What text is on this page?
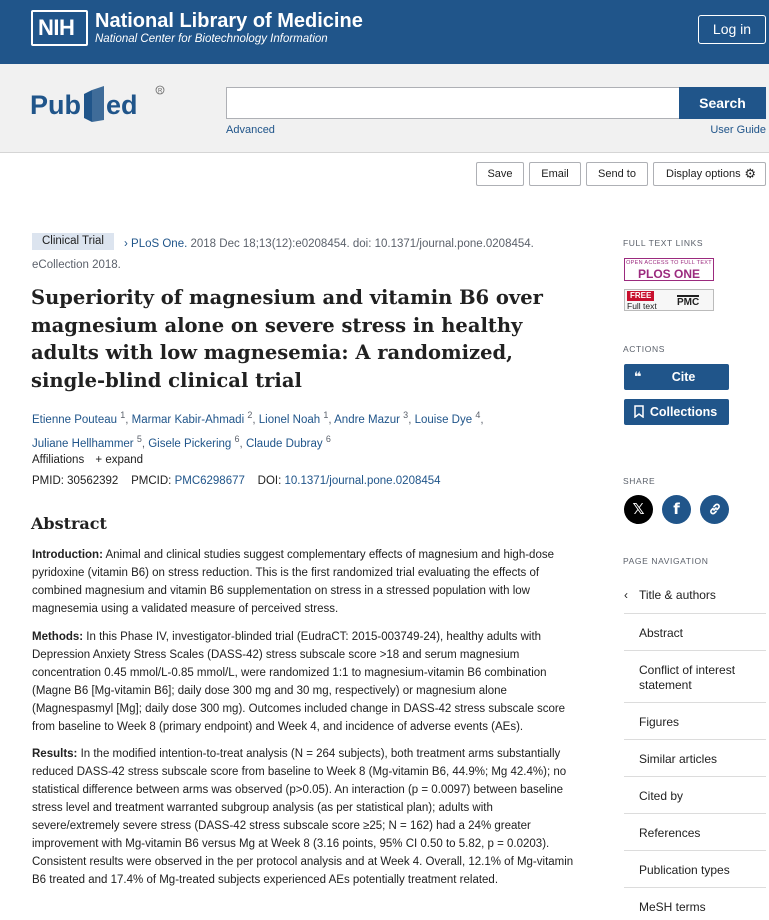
NIH	National Library of Medicine
National Center for Biotechnology Information
Log in
Pub ed	R
Search
Advanced	User Guide
Save	Email	Send to	Display options ⚙
› PLoS One. 2018 Dec 18;13(12):e0208454. doi: 10.1371/journal.pone.0208454. eCollection 2018.
Clinical Trial
Superiority of magnesium and vitamin B6 over magnesium alone on severe stress in healthy adults with low magnesemia: A randomized, single-blind clinical trial
Etienne Pouteau $^1$, Marmar Kabir-Ahmadi $^2$, Lionel Noah $^1$, Andre Mazur $^3$, Louise Dye $^4$,
Juliane Hellhammer $^5$, Gisele Pickering $^6$, Claude Dubray $^6$
Affiliations + expand
PMID: 30562392 PMCID: PMC6298677 DOI: 10.1371/journal.pone.0208454
Abstract

Introduction: Animal and clinical studies suggest complementary effects of magnesium and high-dose pyridoxine (vitamin B6) on stress reduction. This is the first randomized trial evaluating the effects of combined magnesium and vitamin B6 supplementation on stress in a stressed population with low magnesemia using a validated measure of perceived stress.

Methods: In this Phase IV, investigator-blinded trial (EudraCT: 2015-003749-24), healthy adults with Depression Anxiety Stress Scales (DASS-42) stress subscale score >18 and serum magnesium concentration 0.45 mmol/L-0.85 mmol/L, were randomized 1:1 to magnesium-vitamin B6 combination (Magne B6 [Mg-vitamin B6]; daily dose 300 mg and 30 mg, respectively) or magnesium alone (Magnespasmyl [Mg]; daily dose 300 mg). Outcomes included change in DASS-42 stress subscale score from baseline to Week 8 (primary endpoint) and Week 4, and incidence of adverse events (AEs).

Results: In the modified intention-to-treat analysis (N = 264 subjects), both treatment arms substantially reduced DASS-42 stress subscale score from baseline to Week 8 (Mg-vitamin B6, 44.9%; Mg 42.4%); no statistical difference between arms was observed (p>0.05). An interaction (p = 0.0097) between baseline stress level and treatment warranted subgroup analysis (as per statistical plan); adults with severe/extremely severe stress (DASS-42 stress subscale score ≥25; N = 162) had a 24% greater improvement with Mg-vitamin B6 versus Mg at Week 8 (3.16 points, 95% CI 0.50 to 5.82, p = 0.0203). Consistent results were observed in the per protocol analysis and at Week 4. Overall, 12.1% of Mg-vitamin B6 treated and 17.4% of Mg-treated subjects experienced AEs potentially treatment related.

FULL TEXT LINKS
OPEN ACCESS TO FULL TEXT
PLOS ONE
FREE
Full text PMC
ACTIONS
❝	Cite
Collections
SHARE
𝕏	f
PAGE NAVIGATION
‹ Title & authors
Abstract
Conflict of interest statement
Figures
Similar articles
Cited by
References
Publication types
MeSH terms
